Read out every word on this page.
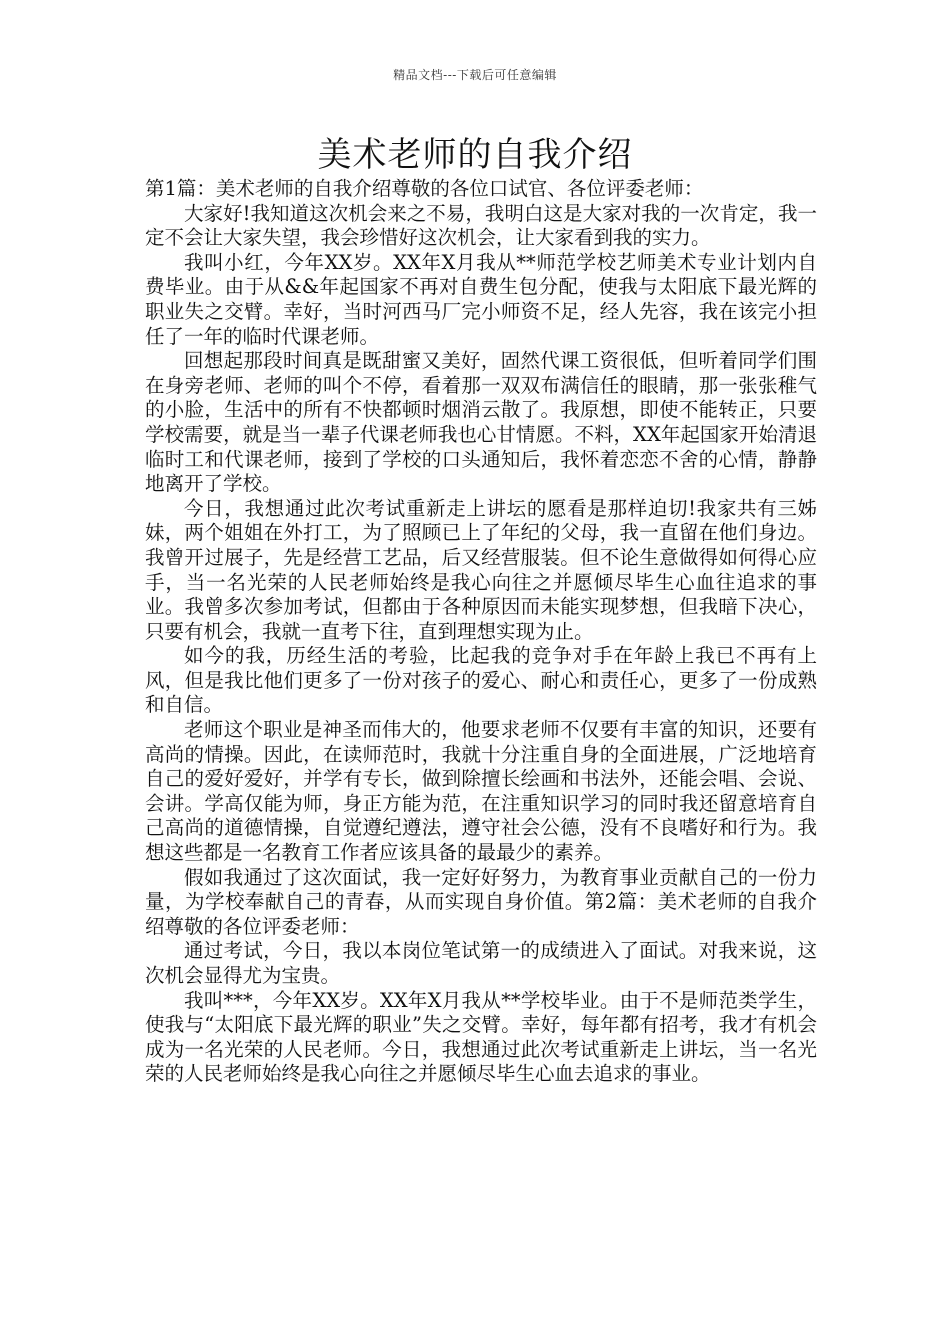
精品文档---下载后可任意编辑
美术老师的自我介绍

第1篇：美术老师的自我介绍尊敬的各位口试官、各位评委老师：

大家好!我知道这次机会来之不易，我明白这是大家对我的一次肯定，我一定不会让大家失望，我会珍惜好这次机会，让大家看到我的实力。

我叫小红，今年XX岁。XX年X月我从**师范学校艺师美术专业计划内自费毕业。由于从&&年起国家不再对自费生包分配，使我与太阳底下最光辉的职业失之交臂。幸好，当时河西马厂完小师资不足，经人先容，我在该完小担任了一年的临时代课老师。

回想起那段时间真是既甜蜜又美好，固然代课工资很低，但听着同学们围在身旁老师、老师的叫个不停，看着那一双双布满信任的眼睛，那一张张稚气的小脸，生活中的所有不快都顿时烟消云散了。我原想，即使不能转正，只要学校需要，就是当一辈子代课老师我也心甘情愿。不料，XX年起国家开始清退临时工和代课老师，接到了学校的口头通知后，我怀着恋恋不舍的心情，静静地离开了学校。

今日，我想通过此次考试重新走上讲坛的愿看是那样迫切!我家共有三姊妹，两个姐姐在外打工，为了照顾已上了年纪的父母，我一直留在他们身边。我曾开过展子，先是经营工艺品，后又经营服装。但不论生意做得如何得心应手，当一名光荣的人民老师始终是我心向往之并愿倾尽毕生心血往追求的事业。我曾多次参加考试，但都由于各种原因而未能实现梦想，但我暗下决心，只要有机会，我就一直考下往，直到理想实现为止。

如今的我，历经生活的考验，比起我的竞争对手在年龄上我已不再有上风，但是我比他们更多了一份对孩子的爱心、耐心和责任心，更多了一份成熟和自信。

老师这个职业是神圣而伟大的，他要求老师不仅要有丰富的知识，还要有高尚的情操。因此，在读师范时，我就十分注重自身的全面进展，广泛地培育自己的爱好爱好，并学有专长，做到除擅长绘画和书法外，还能会唱、会说、会讲。学高仅能为师，身正方能为范，在注重知识学习的同时我还留意培育自己高尚的道德情操，自觉遵纪遵法，遵守社会公德，没有不良嗜好和行为。我想这些都是一名教育工作者应该具备的最最少的素养。

假如我通过了这次面试，我一定好好努力，为教育事业贡献自己的一份力量，为学校奉献自己的青春，从而实现自身价值。第2篇：美术老师的自我介绍尊敬的各位评委老师：

通过考试，今日，我以本岗位笔试第一的成绩进入了面试。对我来说，这次机会显得尤为宝贵。

我叫***，今年XX岁。XX年X月我从**学校毕业。由于不是师范类学生，使我与“太阳底下最光辉的职业”失之交臂。幸好，每年都有招考，我才有机会成为一名光荣的人民老师。今日，我想通过此次考试重新走上讲坛，当一名光荣的人民老师始终是我心向往之并愿倾尽毕生心血去追求的事业。
